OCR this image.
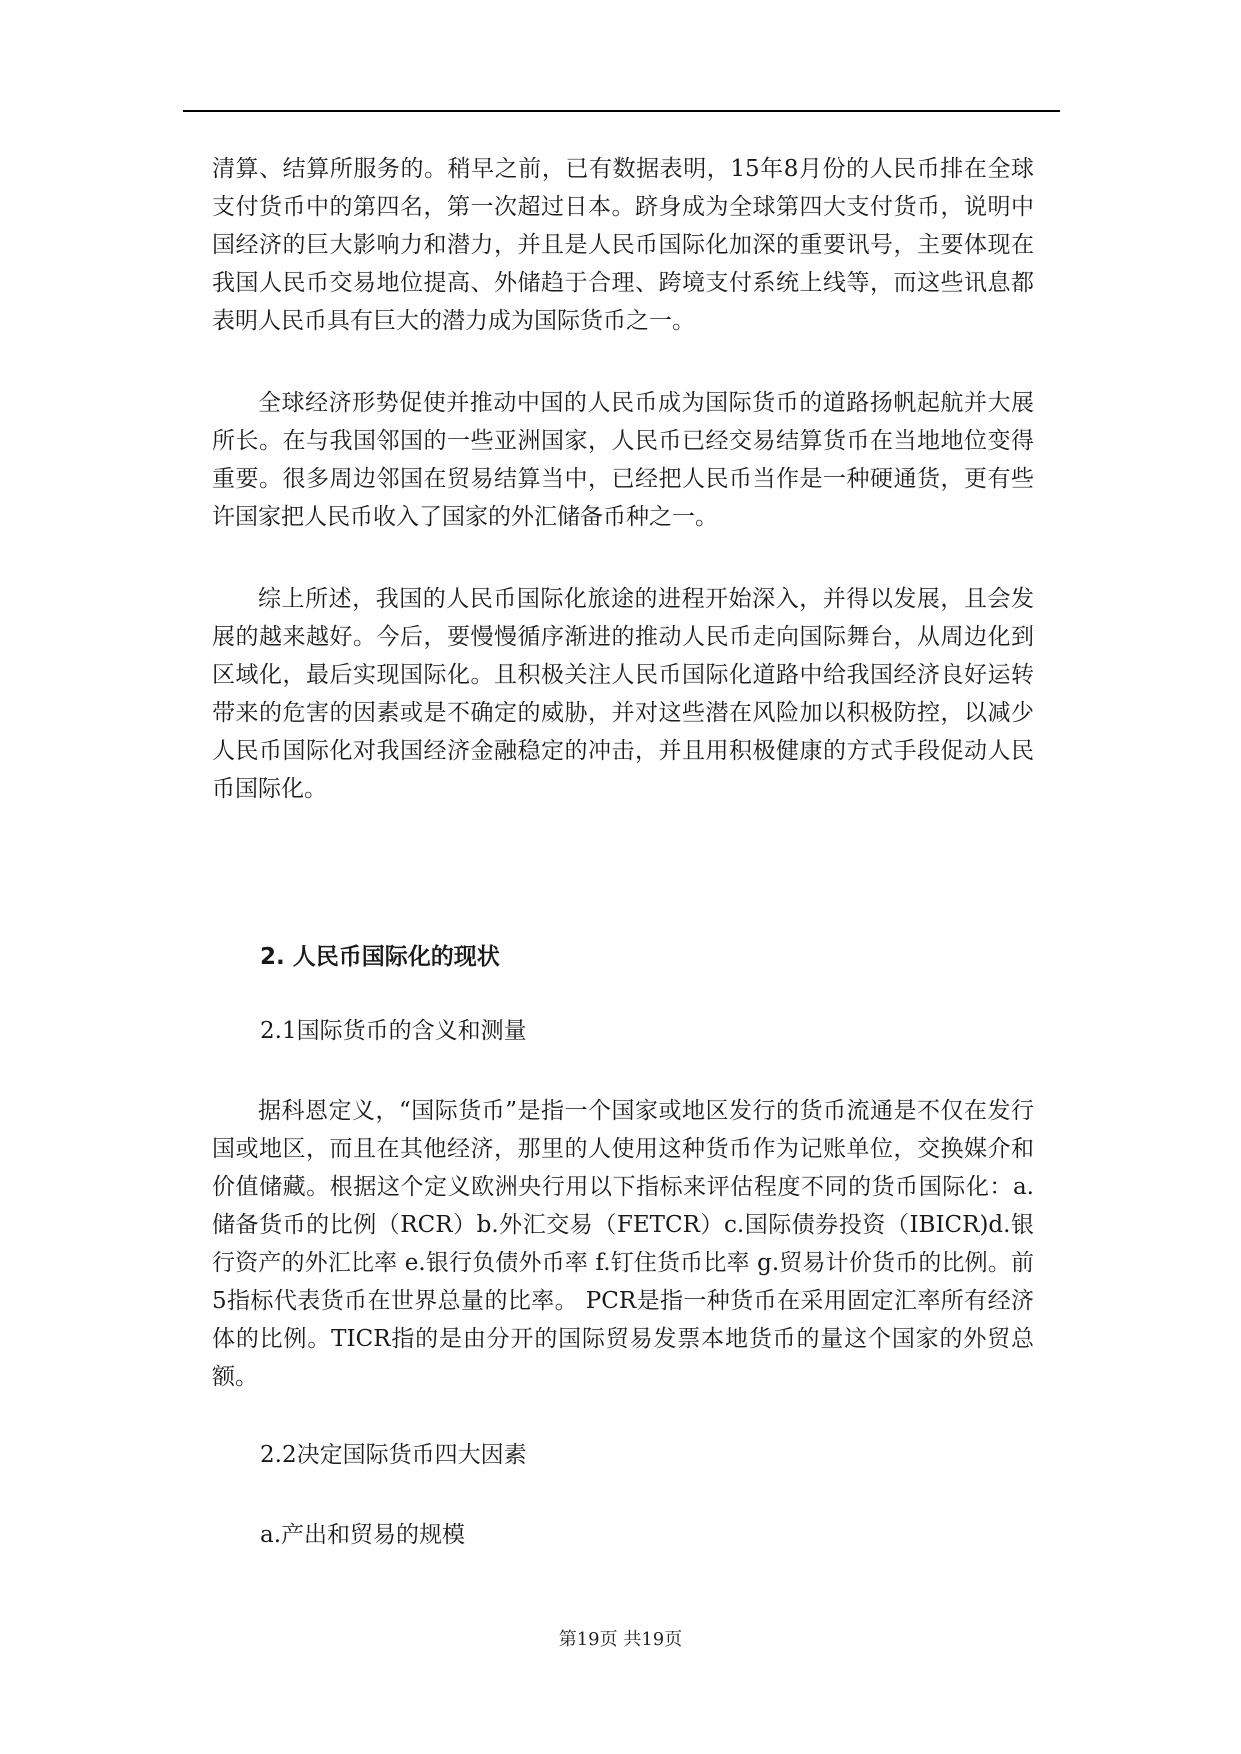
清算、结算所服务的。稍早之前，已有数据表明，15年8月份的人民币排在全球支付货币中的第四名，第一次超过日本。跻身成为全球第四大支付货币，说明中国经济的巨大影响力和潜力，并且是人民币国际化加深的重要讯号，主要体现在我国人民币交易地位提高、外储趋于合理、跨境支付系统上线等，而这些讯息都表明人民币具有巨大的潜力成为国际货币之一。

全球经济形势促使并推动中国的人民币成为国际货币的道路扬帆起航并大展所长。在与我国邻国的一些亚洲国家，人民币已经交易结算货币在当地地位变得重要。很多周边邻国在贸易结算当中，已经把人民币当作是一种硬通货，更有些许国家把人民币收入了国家的外汇储备币种之一。

综上所述，我国的人民币国际化旅途的进程开始深入，并得以发展，且会发展的越来越好。今后，要慢慢循序渐进的推动人民币走向国际舞台，从周边化到区域化，最后实现国际化。且积极关注人民币国际化道路中给我国经济良好运转带来的危害的因素或是不确定的威胁，并对这些潜在风险加以积极防控，以减少人民币国际化对我国经济金融稳定的冲击，并且用积极健康的方式手段促动人民币国际化。

2. 人民币国际化的现状

2.1国际货币的含义和测量

据科恩定义，“国际货币”是指一个国家或地区发行的货币流通是不仅在发行国或地区，而且在其他经济，那里的人使用这种货币作为记账单位，交换媒介和价值储藏。根据这个定义欧洲央行用以下指标来评估程度不同的货币国际化：a.储备货币的比例（RCR）b.外汇交易（FETCR）c.国际债券投资（IBICR)d.银行资产的外汇比率 e.银行负债外币率 f.钉住货币比率 g.贸易计价货币的比例。前5指标代表货币在世界总量的比率。 PCR是指一种货币在采用固定汇率所有经济体的比例。TICR指的是由分开的国际贸易发票本地货币的量这个国家的外贸总额。

2.2决定国际货币四大因素

a.产出和贸易的规模

第19页 共19页
